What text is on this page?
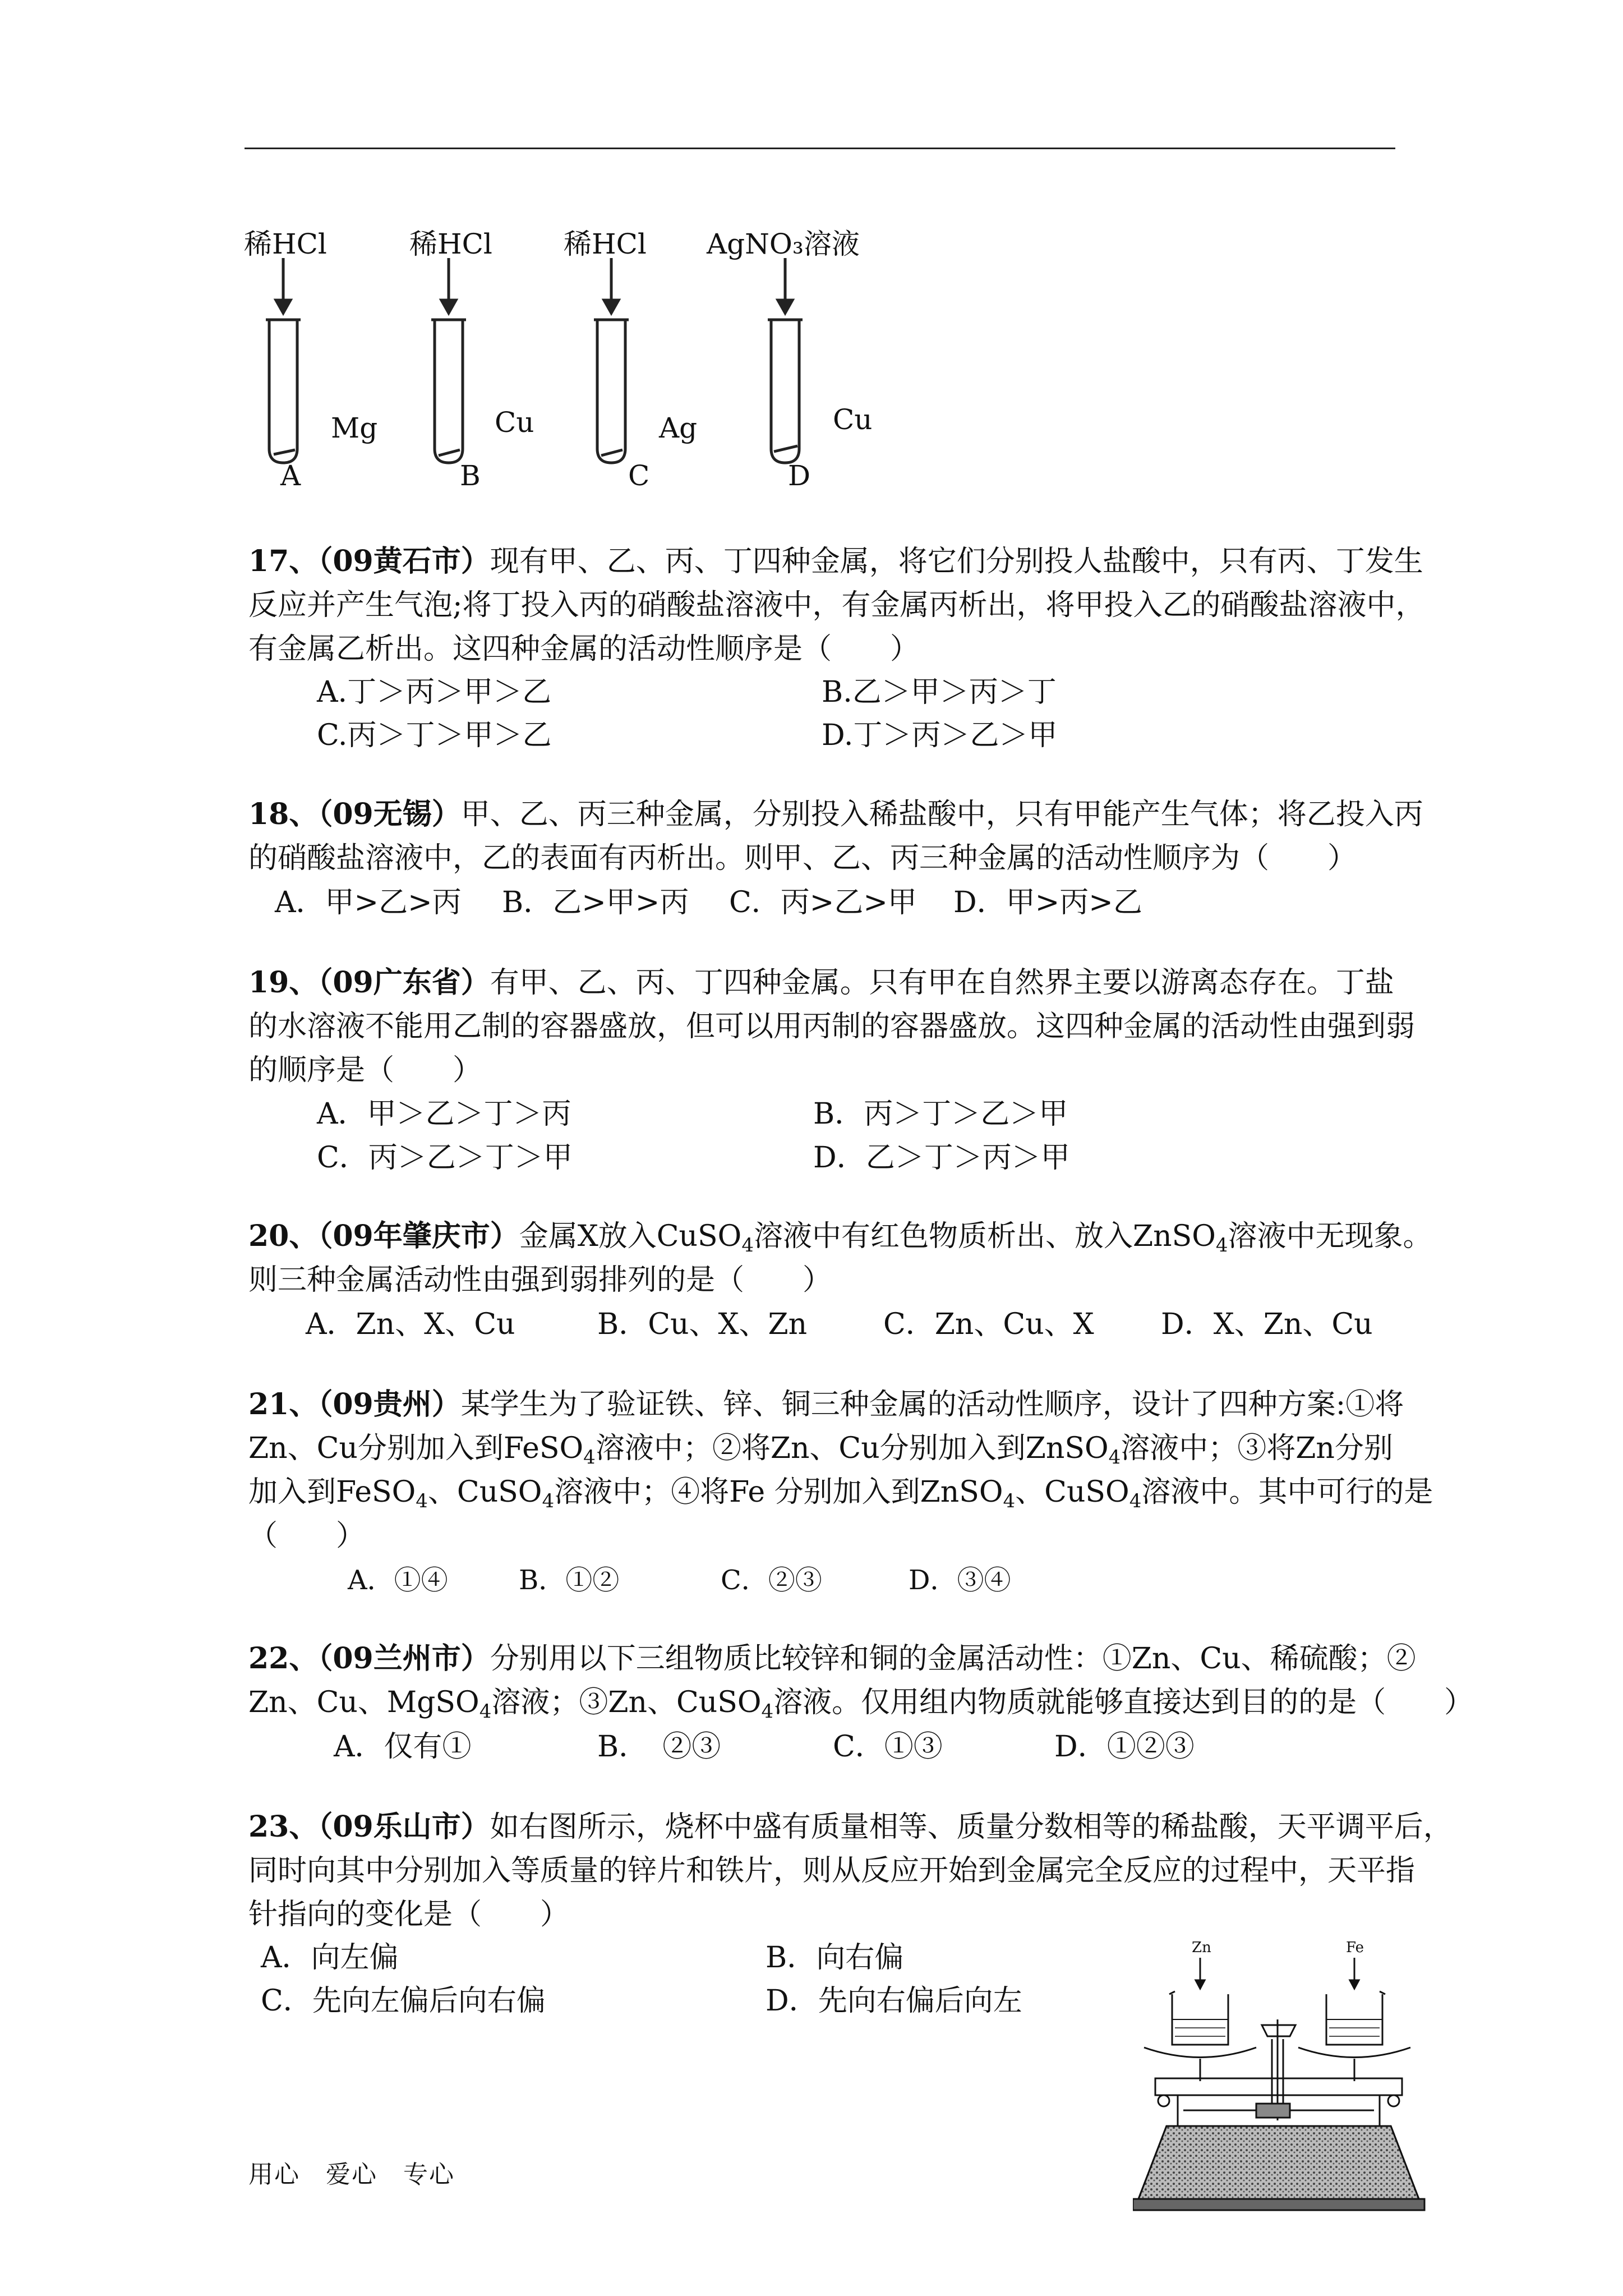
稀HCl	稀HCl	稀HCl AgNO₃溶液
Mg	Cu	Ag	Cu
A	B	C	D
17、（09黄石市）现有甲、乙、丙、丁四种金属，将它们分别投人盐酸中，只有丙、丁发生
反应并产生气泡;将丁投入丙的硝酸盐溶液中，有金属丙析出，将甲投入乙的硝酸盐溶液中，
有金属乙析出。这四种金属的活动性顺序是（　　）
A.丁＞丙＞甲＞乙	B.乙＞甲＞丙＞丁
C.丙＞丁＞甲＞乙	D.丁＞丙＞乙＞甲
18、（09无锡）甲、乙、丙三种金属，分别投入稀盐酸中，只有甲能产生气体；将乙投入丙
的硝酸盐溶液中，乙的表面有丙析出。则甲、乙、丙三种金属的活动性顺序为（　　）
A．甲>乙>丙 B．乙>甲>丙 C．丙>乙>甲 D．甲>丙>乙
19、（09广东省）有甲、乙、丙、丁四种金属。只有甲在自然界主要以游离态存在。丁盐
的水溶液不能用乙制的容器盛放，但可以用丙制的容器盛放。这四种金属的活动性由强到弱
的顺序是（　　）
A．甲＞乙＞丁＞丙	B．丙＞丁＞乙＞甲
C．丙＞乙＞丁＞甲	D．乙＞丁＞丙＞甲
20、（09年肇庆市）金属X放入CuSO$_4$溶液中有红色物质析出、放入ZnSO$_4$溶液中无现象。
则三种金属活动性由强到弱排列的是（　　）
A．Zn、X、Cu	B．Cu、X、Zn	C．Zn、Cu、X D．X、Zn、Cu
21、（09贵州）某学生为了验证铁、锌、铜三种金属的活动性顺序，设计了四种方案:①将
Zn、Cu分别加入到FeSO$_4$溶液中；②将Zn、Cu分别加入到ZnSO$_4$溶液中；③将Zn分别
加入到FeSO$_4$、CuSO$_4$溶液中；④将Fe 分别加入到ZnSO$_4$、CuSO$_4$溶液中。其中可行的是
（　　）
A．①④	B．①②	C．②③	D．③④
22、（09兰州市）分别用以下三组物质比较锌和铜的金属活动性：①Zn、Cu、稀硫酸；②
Zn、Cu、MgSO$_4$溶液；③Zn、CuSO$_4$溶液。仅用组内物质就能够直接达到目的的是（　　）
A．仅有①	B．　②③	C．①③	D．①②③
23、（09乐山市）如右图所示，烧杯中盛有质量相等、质量分数相等的稀盐酸，天平调平后，
同时向其中分别加入等质量的锌片和铁片，则从反应开始到金属完全反应的过程中，天平指
针指向的变化是（　　）
A．向左偏	B．向右偏
C．先向左偏后向右偏	D．先向右偏后向左
Zn	Fe
用心　爱心　专心
